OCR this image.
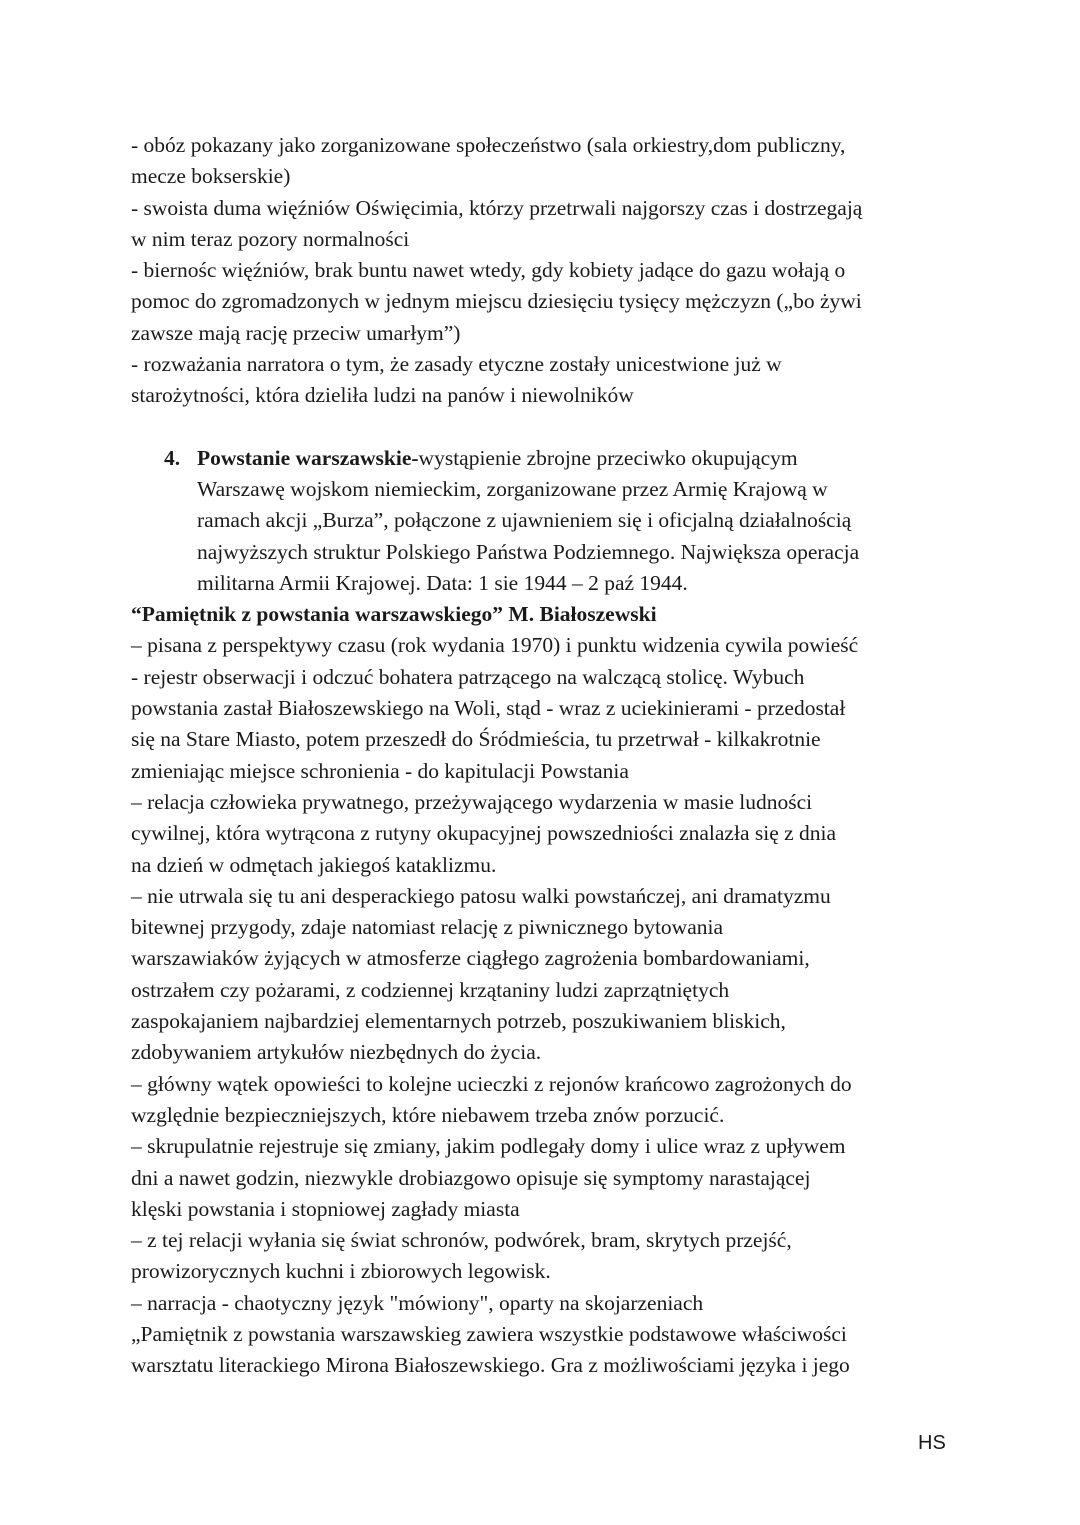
- obóz pokazany jako zorganizowane społeczeństwo (sala orkiestry,dom publiczny,
mecze bokserskie)
- swoista duma więźniów Oświęcimia, którzy przetrwali najgorszy czas i dostrzegają
w nim teraz pozory normalności
- biernośc więźniów, brak buntu nawet wtedy, gdy kobiety jadące do gazu wołają o
pomoc do zgromadzonych w jednym miejscu dziesięciu tysięcy mężczyzn („bo żywi
zawsze mają rację przeciw umarłym”)
- rozważania narratora o tym, że zasady etyczne zostały unicestwione już w
starożytności, która dzieliła ludzi na panów i niewolników
4. Powstanie warszawskie-wystąpienie zbrojne przeciwko okupującym
Warszawę wojskom niemieckim, zorganizowane przez Armię Krajową w
ramach akcji „Burza”, połączone z ujawnieniem się i oficjalną działalnością
najwyższych struktur Polskiego Państwa Podziemnego. Największa operacja
militarna Armii Krajowej. Data: 1 sie 1944 – 2 paź 1944.
“Pamiętnik z powstania warszawskiego” M. Białoszewski
– pisana z perspektywy czasu (rok wydania 1970) i punktu widzenia cywila powieść
- rejestr obserwacji i odczuć bohatera patrzącego na walczącą stolicę. Wybuch
powstania zastał Białoszewskiego na Woli, stąd - wraz z uciekinierami - przedostał
się na Stare Miasto, potem przeszedł do Śródmieścia, tu przetrwał - kilkakrotnie
zmieniając miejsce schronienia - do kapitulacji Powstania
– relacja człowieka prywatnego, przeżywającego wydarzenia w masie ludności
cywilnej, która wytrącona z rutyny okupacyjnej powszedniości znalazła się z dnia
na dzień w odmętach jakiegoś kataklizmu.
– nie utrwala się tu ani desperackiego patosu walki powstańczej, ani dramatyzmu
bitewnej przygody, zdaje natomiast relację z piwnicznego bytowania
warszawiaków żyjących w atmosferze ciągłego zagrożenia bombardowaniami,
ostrzałem czy pożarami, z codziennej krzątaniny ludzi zaprzątniętych
zaspokajaniem najbardziej elementarnych potrzeb, poszukiwaniem bliskich,
zdobywaniem artykułów niezbędnych do życia.
– główny wątek opowieści to kolejne ucieczki z rejonów krańcowo zagrożonych do
względnie bezpieczniejszych, które niebawem trzeba znów porzucić.
– skrupulatnie rejestruje się zmiany, jakim podlegały domy i ulice wraz z upływem
dni a nawet godzin, niezwykle drobiazgowo opisuje się symptomy narastającej
klęski powstania i stopniowej zagłady miasta
– z tej relacji wyłania się świat schronów, podwórek, bram, skrytych przejść,
prowizorycznych kuchni i zbiorowych legowisk.
– narracja - chaotyczny język "mówiony", oparty na skojarzeniach
„Pamiętnik z powstania warszawskieg zawiera wszystkie podstawowe właściwości
warsztatu literackiego Mirona Białoszewskiego. Gra z możliwościami języka i jego
HS
